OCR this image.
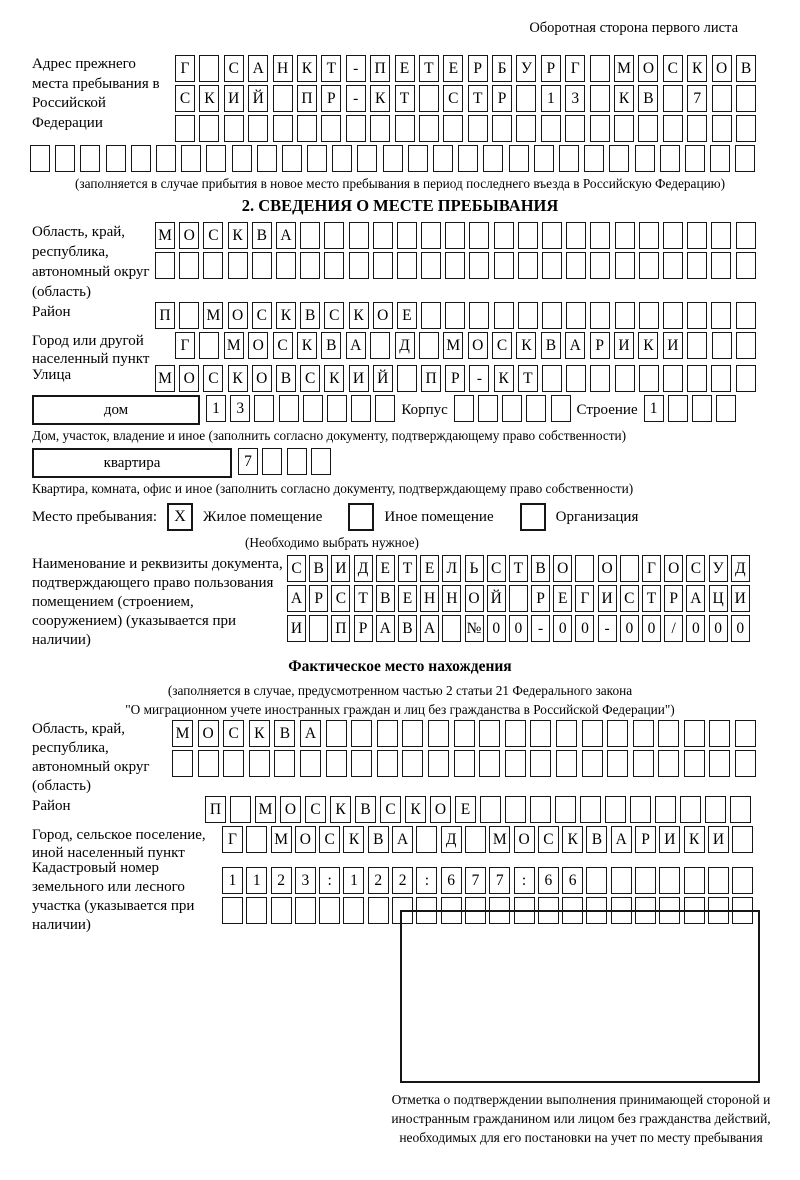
Оборотная сторона первого листа
Адрес прежнего места пребывания в Российской Федерации
Г	С А Н К Т	-	П Е Т Е Р	Б У Р	Г	М О С К О В
С К И Й П Р	-	К Т	С Т Р	1	3	К В	7
(заполняется в случае прибытия в новое место пребывания в период последнего въезда в Российскую Федерацию)
2. СВЕДЕНИЯ О МЕСТЕ ПРЕБЫВАНИЯ
Область, край, республика, автономный округ (область)
М О С К В А
Район	П М О С К В С К О Е
Город или другой населенный пункт
Г	М О С К В А	Д	М О С К В А Р И К И
Улица	М О С К О В С К И Й П Р	-	К Т
дом	1	3	Корпус	Строение 1
Дом, участок, владение и иное (заполнить согласно документу, подтверждающему право собственности)
квартира	7
Квартира, комната, офис и иное (заполнить согласно документу, подтверждающему право собственности)
Место пребывания:	X	Жилое помещение	Иное помещение	Организация
(Необходимо выбрать нужное)
Наименование и реквизиты документа, подтверждающего право пользования помещением (строением, сооружением) (указывается при наличии)
С В И Д Е Т Е Л Ь С Т В О О	Г О С У Д
А Р С Т В Е Н Н О Й	Р Е Г И С Т Р А Ц И
И П Р А В А № 0 0	-	0 0	-	0 0	/	0 0 0
Фактическое место нахождения
(заполняется в случае, предусмотренном частью 2 статьи 21 Федерального закона
"О миграционном учете иностранных граждан и лиц без гражданства в Российской Федерации")
Область, край, республика, автономный округ (область)
М О С К В А
Район	П	М О С К В С К О Е
Город, сельское поселение, иной населенный пункт
Г	М О С К В А	Д	М О С К В А Р И К И
Кадастровый номер земельного или лесного участка (указывается при наличии)
1	1	2	3	:	1	2	2	:	6	7	7	:	6	6
Отметка о подтверждении выполнения принимающей стороной и иностранным гражданином или лицом без гражданства действий, необходимых для его постановки на учет по месту пребывания
